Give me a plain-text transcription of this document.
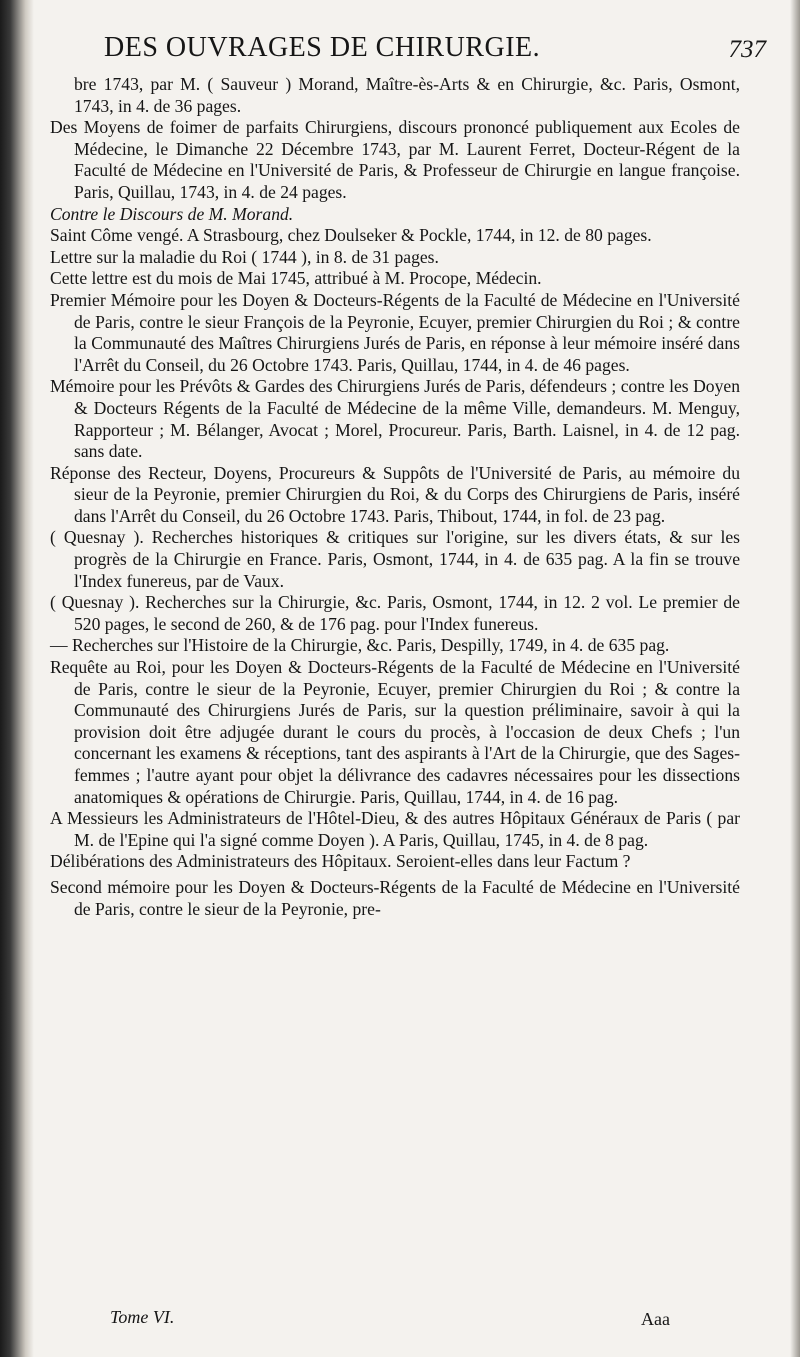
DES OUVRAGES DE CHIRURGIE.	737

bre 1743, par M. ( Sauveur ) Morand, Maître-ès-Arts & en Chirurgie, &c. Paris, Osmont, 1743, in 4. de 36 pages.

Des Moyens de foimer de parfaits Chirurgiens, discours prononcé publiquement aux Ecoles de Médecine, le Dimanche 22 Décembre 1743, par M. Laurent Ferret, Docteur-Régent de la Faculté de Médecine en l'Université de Paris, & Professeur de Chirurgie en langue françoise. Paris, Quillau, 1743, in 4. de 24 pages.

Contre le Discours de M. Morand.

Saint Côme vengé. A Strasbourg, chez Doulseker & Pockle, 1744, in 12. de 80 pages.

Lettre sur la maladie du Roi ( 1744 ), in 8. de 31 pages.

Cette lettre est du mois de Mai 1745, attribué à M. Procope, Médecin.

Premier Mémoire pour les Doyen & Docteurs-Régents de la Faculté de Médecine en l'Université de Paris, contre le sieur François de la Peyronie, Ecuyer, premier Chirurgien du Roi ; & contre la Communauté des Maîtres Chirurgiens Jurés de Paris, en réponse à leur mémoire inséré dans l'Arrêt du Conseil, du 26 Octobre 1743. Paris, Quillau, 1744, in 4. de 46 pages.

Mémoire pour les Prévôts & Gardes des Chirurgiens Jurés de Paris, défendeurs ; contre les Doyen & Docteurs Régents de la Faculté de Médecine de la même Ville, demandeurs. M. Menguy, Rapporteur ; M. Bélanger, Avocat ; Morel, Procureur. Paris, Barth. Laisnel, in 4. de 12 pag. sans date.

Réponse des Recteur, Doyens, Procureurs & Suppôts de l'Université de Paris, au mémoire du sieur de la Peyronie, premier Chirurgien du Roi, & du Corps des Chirurgiens de Paris, inséré dans l'Arrêt du Conseil, du 26 Octobre 1743. Paris, Thibout, 1744, in fol. de 23 pag.

( Quesnay ). Recherches historiques & critiques sur l'origine, sur les divers états, & sur les progrès de la Chirurgie en France. Paris, Osmont, 1744, in 4. de 635 pag. A la fin se trouve l'Index funereus, par de Vaux.

( Quesnay ). Recherches sur la Chirurgie, &c. Paris, Osmont, 1744, in 12. 2 vol. Le premier de 520 pages, le second de 260, & de 176 pag. pour l'Index funereus.

— Recherches sur l'Histoire de la Chirurgie, &c. Paris, Despilly, 1749, in 4. de 635 pag.

Requête au Roi, pour les Doyen & Docteurs-Régents de la Faculté de Médecine en l'Université de Paris, contre le sieur de la Peyronie, Ecuyer, premier Chirurgien du Roi ; & contre la Communauté des Chirurgiens Jurés de Paris, sur la question préliminaire, savoir à qui la provision doit être adjugée durant le cours du procès, à l'occasion de deux Chefs ; l'un concernant les examens & réceptions, tant des aspirants à l'Art de la Chirurgie, que des Sages-femmes ; l'autre ayant pour objet la délivrance des cadavres nécessaires pour les dissections anatomiques & opérations de Chirurgie. Paris, Quillau, 1744, in 4. de 16 pag.

A Messieurs les Administrateurs de l'Hôtel-Dieu, & des autres Hôpitaux Généraux de Paris ( par M. de l'Epine qui l'a signé comme Doyen ). A Paris, Quillau, 1745, in 4. de 8 pag.

Délibérations des Administrateurs des Hôpitaux. Seroient-elles dans leur Factum ?

Second mémoire pour les Doyen & Docteurs-Régents de la Faculté de Médecine en l'Université de Paris, contre le sieur de la Peyronie, pre-

Tome VI.	Aaa
